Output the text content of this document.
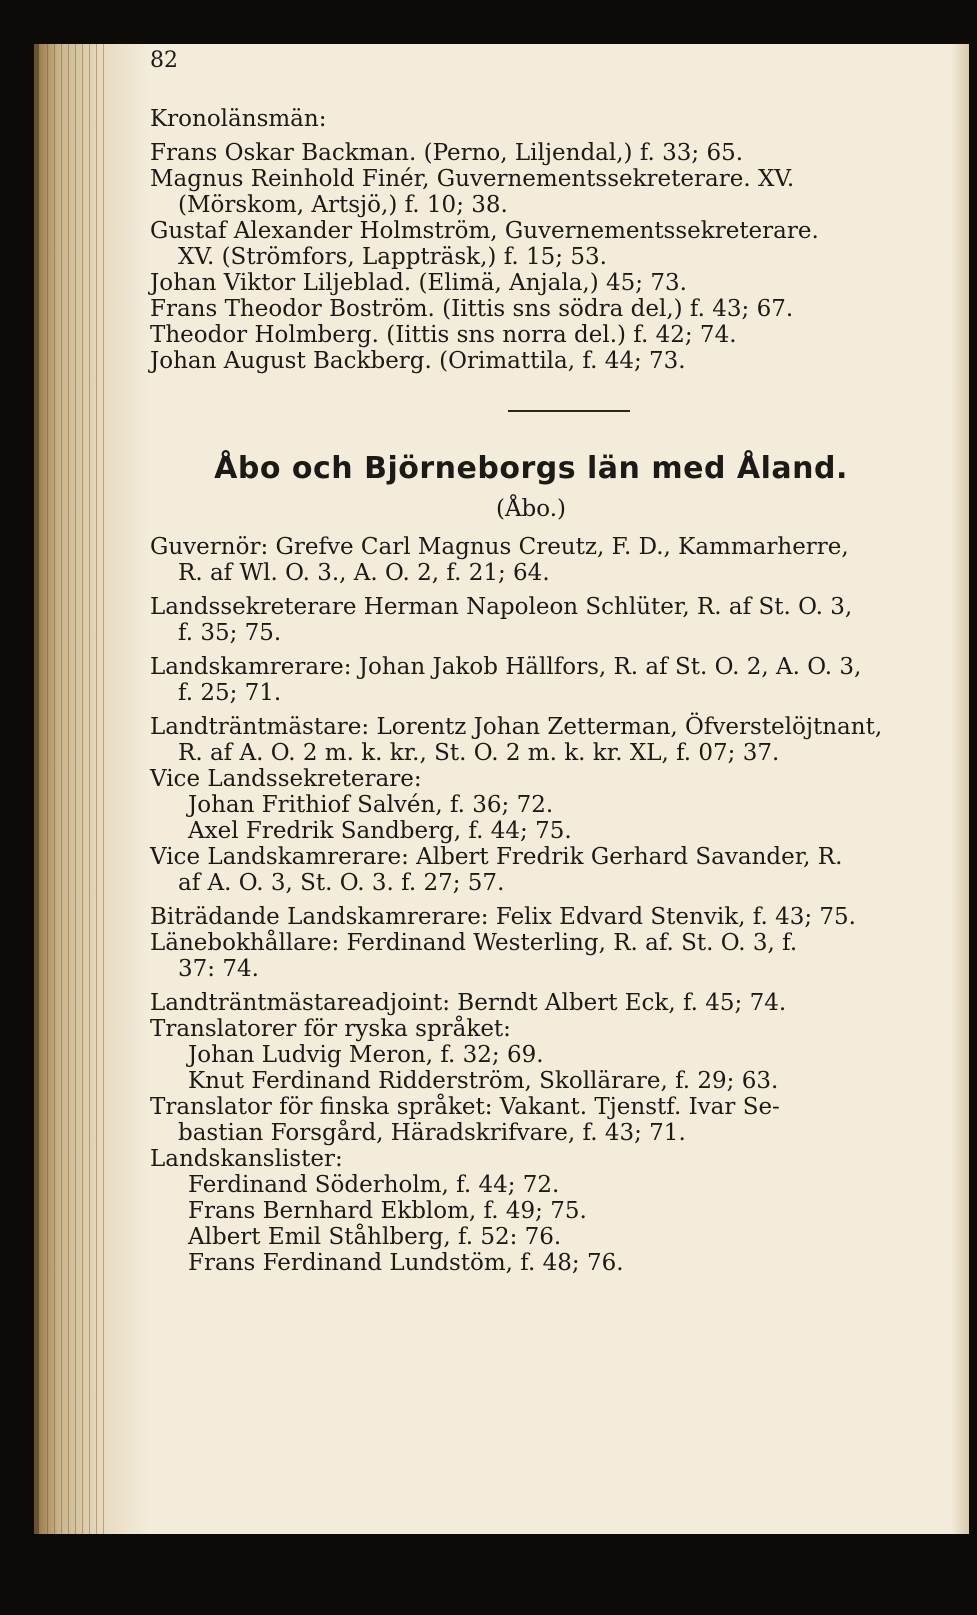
82
Kronolänsmän:
Frans Oskar Backman. (Perno, Liljendal,) f. 33; 65.
Magnus Reinhold Finér, Guvernementssekreterare. XV.
(Mörskom, Artsjö,) f. 10; 38.
Gustaf Alexander Holmström, Guvernementssekreterare.
XV. (Strömfors, Lappträsk,) f. 15; 53.
Johan Viktor Liljeblad. (Elimä, Anjala,) 45; 73.
Frans Theodor Boström. (Iittis sns södra del,) f. 43; 67.
Theodor Holmberg. (Iittis sns norra del.) f. 42; 74.
Johan August Backberg. (Orimattila, f. 44; 73.
Åbo och Björneborgs län med Åland.
(Åbo.)
Guvernör: Grefve Carl Magnus Creutz, F. D., Kammarherre,
R. af Wl. O. 3., A. O. 2, f. 21; 64.
Landssekreterare Herman Napoleon Schlüter, R. af St. O. 3,
f. 35; 75.
Landskamrerare: Johan Jakob Hällfors, R. af St. O. 2, A. O. 3,
f. 25; 71.
Landträntmästare: Lorentz Johan Zetterman, Öfverstelöjtnant,
R. af A. O. 2 m. k. kr., St. O. 2 m. k. kr. XL, f. 07; 37.
Vice Landssekreterare:
Johan Frithiof Salvén, f. 36; 72.
Axel Fredrik Sandberg, f. 44; 75.
Vice Landskamrerare: Albert Fredrik Gerhard Savander, R.
af A. O. 3, St. O. 3. f. 27; 57.
Biträdande Landskamrerare: Felix Edvard Stenvik, f. 43; 75.
Länebokhållare: Ferdinand Westerling, R. af. St. O. 3, f.
37: 74.
Landträntmästareadjoint: Berndt Albert Eck, f. 45; 74.
Translatorer för ryska språket:
Johan Ludvig Meron, f. 32; 69.
Knut Ferdinand Ridderström, Skollärare, f. 29; 63.
Translator för finska språket: Vakant. Tjenstf. Ivar Se-
bastian Forsgård, Häradskrifvare, f. 43; 71.
Landskanslister:
Ferdinand Söderholm, f. 44; 72.
Frans Bernhard Ekblom, f. 49; 75.
Albert Emil Ståhlberg, f. 52: 76.
Frans Ferdinand Lundstöm, f. 48; 76.
